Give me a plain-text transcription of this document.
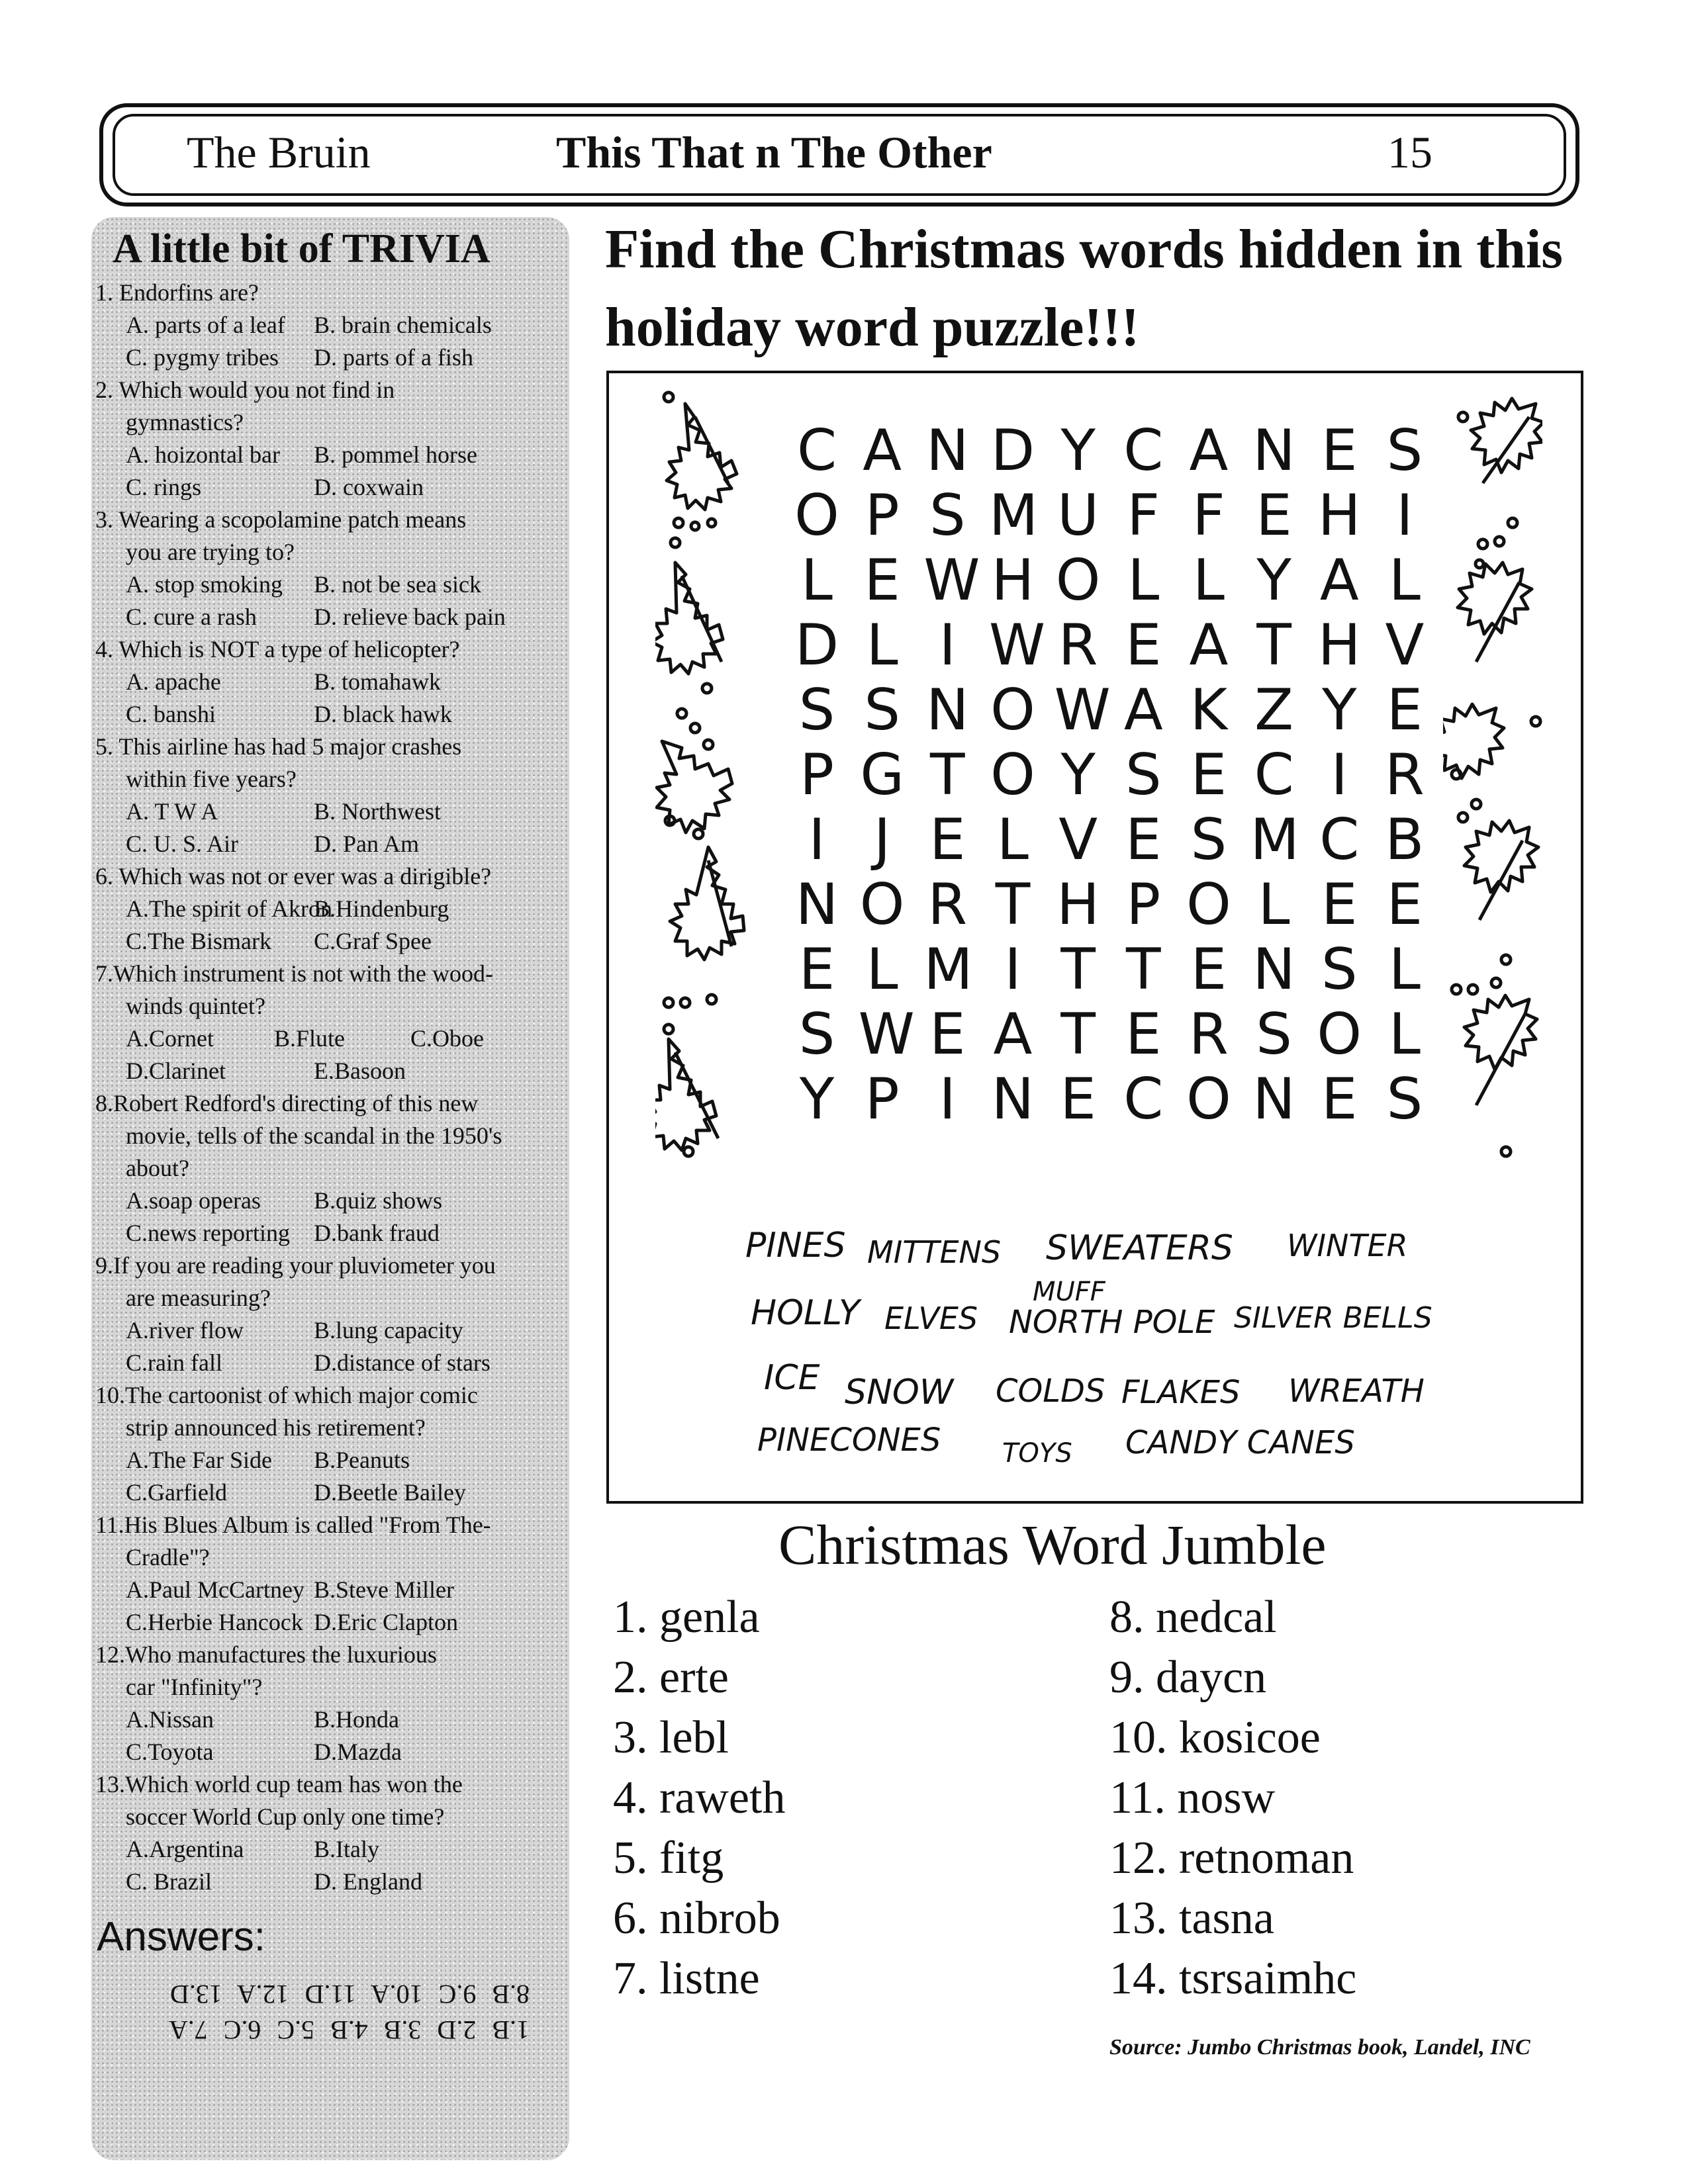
The Bruin	This That n The Other	15
A little bit of TRIVIA
1. Endorfins are?
A. parts of a leaf B. brain chemicals
C. pygmy tribes D. parts of a fish
2. Which would you not find in
gymnastics?
A. hoizontal bar B. pommel horse
C. rings	D. coxwain
3. Wearing a scopolamine patch means
you are trying to?
A. stop smoking B. not be sea sick
C. cure a rash D. relieve back pain
4. Which is NOT a type of helicopter?
A. apache	B. tomahawk
C. banshi	D. black hawk
5. This airline has had 5 major crashes
within five years?
A. T W A	B. Northwest
C. U. S. Air	D. Pan Am
6. Which was not or ever was a dirigible?
A.The spirit of Akron
B.Hindenburg
C.The Bismark C.Graf Spee
7.Which instrument is not with the wood-
winds quintet?
A.Cornet	B.Flute	C.Oboe
D.Clarinet	E.Basoon
8.Robert Redford's directing of this new
movie, tells of the scandal in the 1950's
about?
A.soap operas B.quiz shows
C.news reporting D.bank fraud
9.If you are reading your pluviometer you
are measuring?
A.river flow	B.lung capacity
C.rain fall	D.distance of stars
10.The cartoonist of which major comic
strip announced his retirement?
A.The Far Side B.Peanuts
C.Garfield	D.Beetle Bailey
11.His Blues Album is called "From The-
Cradle"?
A.Paul McCartney B.Steve Miller
C.Herbie Hancock D.Eric Clapton
12.Who manufactures the luxurious
car "Infinity"?
A.Nissan	B.Honda
C.Toyota	D.Mazda
13.Which world cup team has won the
soccer World Cup only one time?
A.Argentina	B.Italy
C. Brazil	D. England
Answers:
8.B 9.C 10.A 11.D 12.A 13.D
1.B 2.D 3.B 4.B 5.C 6.C 7.A
Find the Christmas words hidden in this holiday word puzzle!!!
C A N D Y C A N E S
O P S M U F F E H I
L E W H O L L Y A L
D L I W R E A T H V
S S N O W A K Z Y E
P G T O Y S E C I R
I J E L V E S M C B
N O R T H P O L E E
E L M I T T E N S L
S W E A T E R S O L
Y P I N E C O N E S
PINES MITTENS SWEATERS WINTER
HOLLY ELVES
MUFF
NORTH POLE SILVER BELLS
ICE SNOW COLDS FLAKES WREATH
PINECONES TOYS CANDY CANES
Christmas Word Jumble
1. genla
2. erte
3. lebl
4. raweth
5. fitg
6. nibrob
7. listne
8. nedcal
9. daycn
10. kosicoe
11. nosw
12. retnoman
13. tasna
14. tsrsaimhc
Source: Jumbo Christmas book, Landel, INC
